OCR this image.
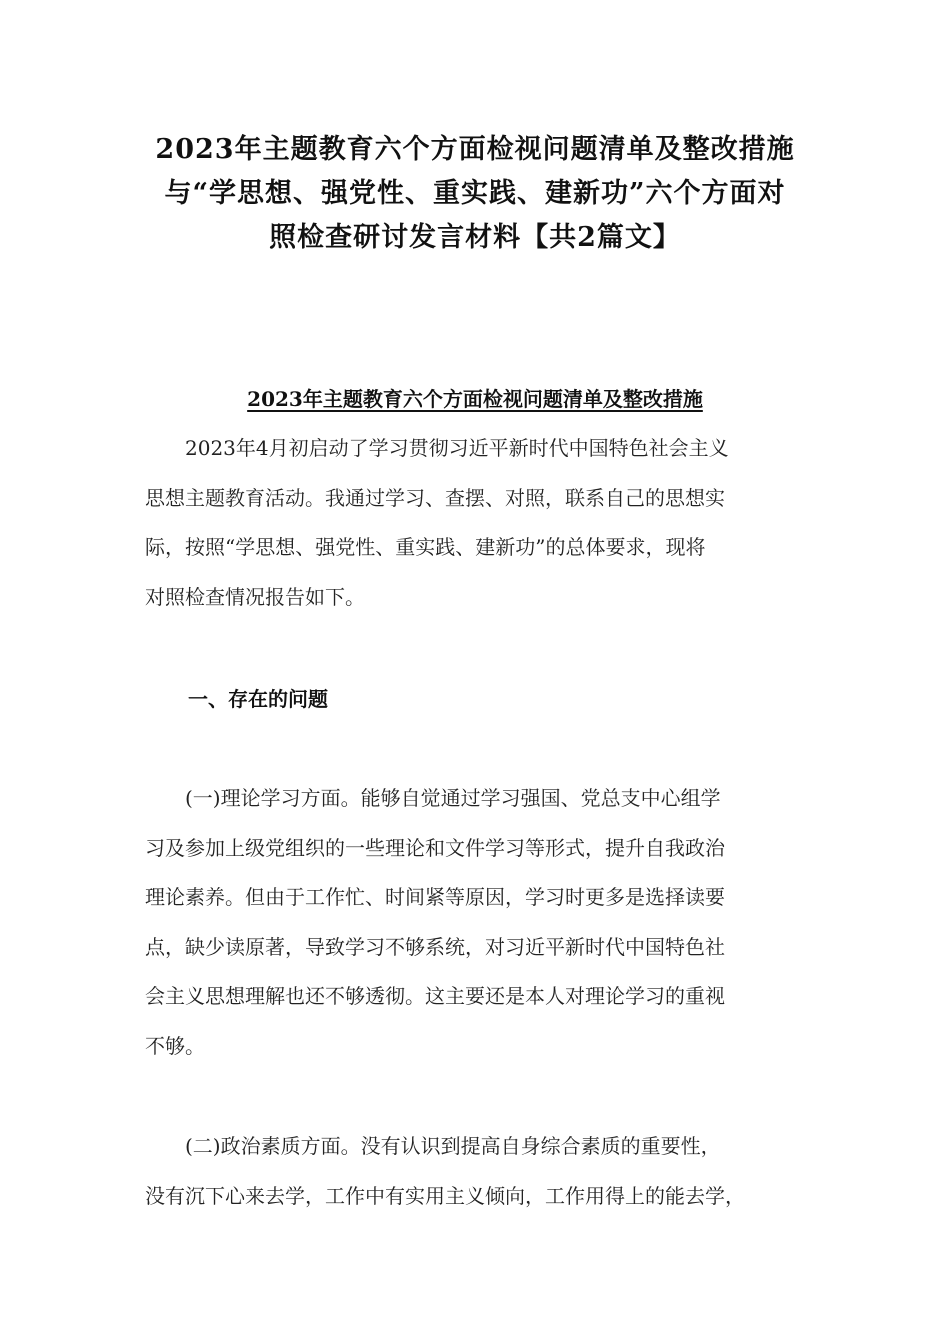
2023年主题教育六个方面检视问题清单及整改措施
与“学思想、强党性、重实践、建新功”六个方面对
照检查研讨发言材料【共2篇文】
2023年主题教育六个方面检视问题清单及整改措施
　　2023年4月初启动了学习贯彻习近平新时代中国特色社会主义
思想主题教育活动。我通过学习、查摆、对照，联系自己的思想实
际，按照“学思想、强党性、重实践、建新功”的总体要求，现将
对照检查情况报告如下。
一、存在的问题
　　(一)理论学习方面。能够自觉通过学习强国、党总支中心组学
习及参加上级党组织的一些理论和文件学习等形式，提升自我政治
理论素养。但由于工作忙、时间紧等原因，学习时更多是选择读要
点，缺少读原著，导致学习不够系统，对习近平新时代中国特色社
会主义思想理解也还不够透彻。这主要还是本人对理论学习的重视
不够。
　　(二)政治素质方面。没有认识到提高自身综合素质的重要性，
没有沉下心来去学，工作中有实用主义倾向，工作用得上的能去学，
